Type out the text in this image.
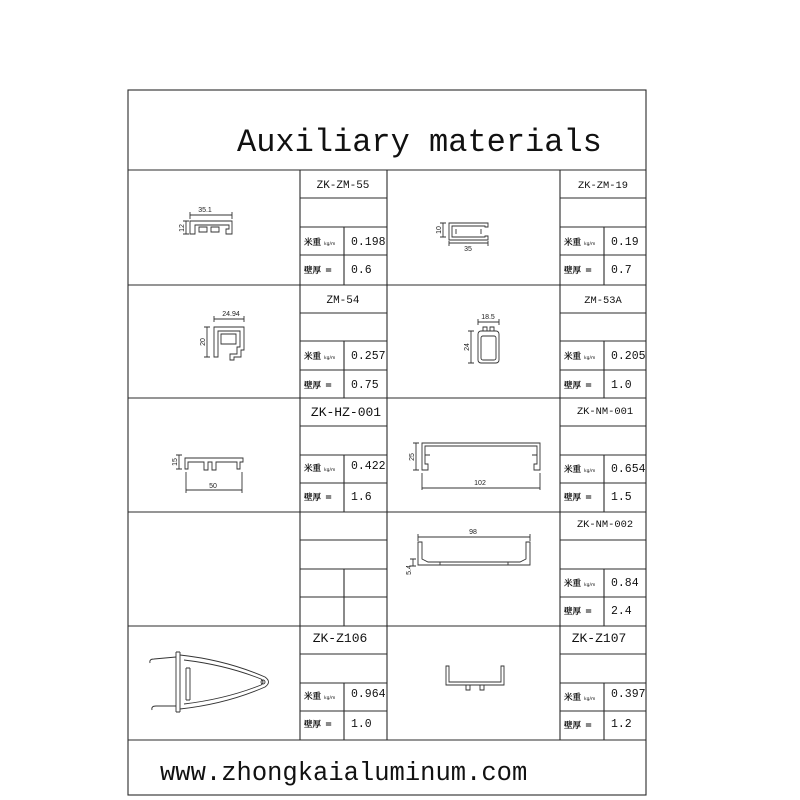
Auxiliary materials
35.1
12
ZK-ZM-55
米重 kg/m 0.198
壁厚 = 0.6
10
35
ZK-ZM-19
米重 kg/m 0.19
壁厚 = 0.7
24.94
20
ZM-54
米重 kg/m 0.257
壁厚 = 0.75
18.5
24
ZM-53A
米重 kg/m 0.205
壁厚 = 1.0
15
50
ZK-HZ-001
米重 kg/m 0.422
壁厚 = 1.6
25
102
ZK-NM-001
米重 kg/m 0.654
壁厚 = 1.5
98
5.4
ZK-NM-002
米重 kg/m 0.84
壁厚 = 2.4
ZK-Z106
米重 kg/m 0.964
壁厚 = 1.0
ZK-Z107
米重 kg/m 0.397
壁厚 = 1.2
www.zhongkaialuminum.com
